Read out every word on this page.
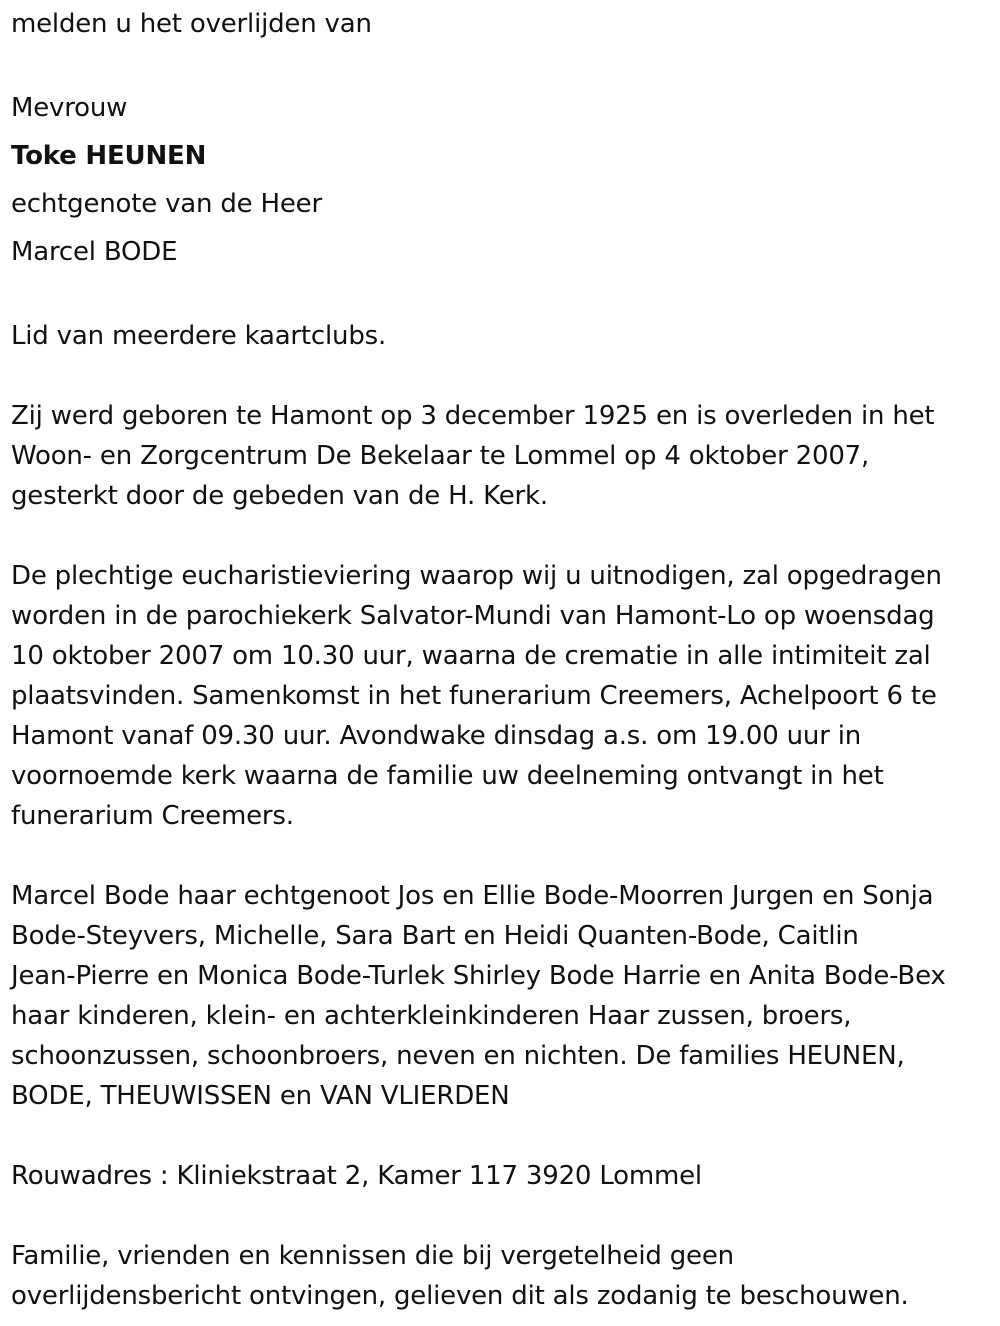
melden u het overlijden van
Mevrouw
Toke HEUNEN
echtgenote van de Heer
Marcel BODE
Lid van meerdere kaartclubs.
Zij werd geboren te Hamont op 3 december 1925 en is overleden in het
Woon- en Zorgcentrum De Bekelaar te Lommel op 4 oktober 2007,
gesterkt door de gebeden van de H. Kerk.
De plechtige eucharistieviering waarop wij u uitnodigen, zal opgedragen
worden in de parochiekerk Salvator-Mundi van Hamont-Lo op woensdag
10 oktober 2007 om 10.30 uur, waarna de crematie in alle intimiteit zal
plaatsvinden. Samenkomst in het funerarium Creemers, Achelpoort 6 te
Hamont vanaf 09.30 uur. Avondwake dinsdag a.s. om 19.00 uur in
voornoemde kerk waarna de familie uw deelneming ontvangt in het
funerarium Creemers.
Marcel Bode haar echtgenoot Jos en Ellie Bode-Moorren Jurgen en Sonja
Bode-Steyvers, Michelle, Sara Bart en Heidi Quanten-Bode, Caitlin
Jean-Pierre en Monica Bode-Turlek Shirley Bode Harrie en Anita Bode-Bex
haar kinderen, klein- en achterkleinkinderen Haar zussen, broers,
schoonzussen, schoonbroers, neven en nichten. De families HEUNEN,
BODE, THEUWISSEN en VAN VLIERDEN
Rouwadres : Kliniekstraat 2, Kamer 117 3920 Lommel
Familie, vrienden en kennissen die bij vergetelheid geen
overlijdensbericht ontvingen, gelieven dit als zodanig te beschouwen.
